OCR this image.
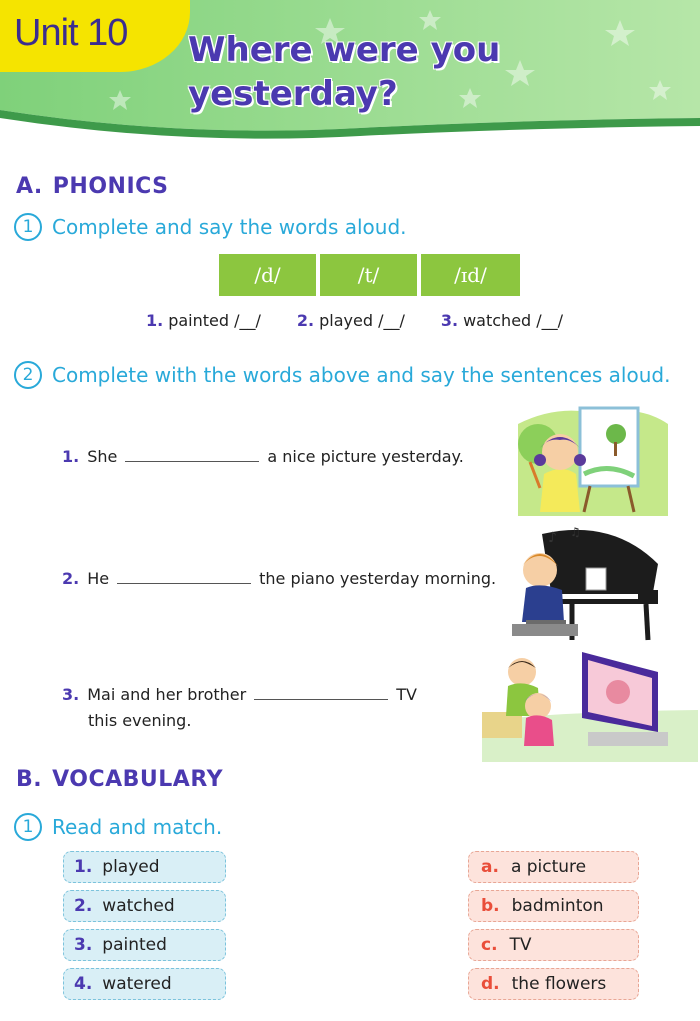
Unit 10 Where were you
yesterday?
A. PHONICS
1 Complete and say the words aloud.
/d/	/t/	/ɪd/
1. painted /__/ 2. played /__/ 3. watched /__/
2 Complete with the words above and say the sentences aloud.
1. She	a nice picture yesterday.
2. He	the piano yesterday morning.
3. Mai and her brother	TV
this evening.
♪ ♫
B. VOCABULARY
1 Read and match.
1. played
2. watched
3. painted
4. watered
a. a picture
b. badminton
c. TV
d. the flowers
